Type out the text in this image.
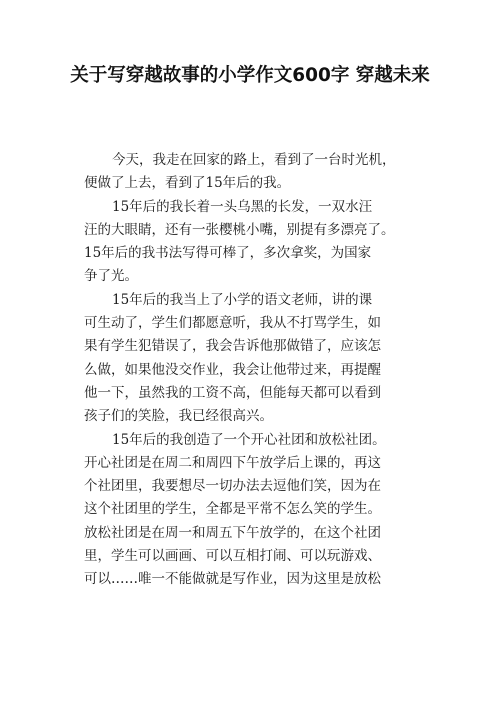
关于写穿越故事的小学作文600字 穿越未来
今天，我走在回家的路上，看到了一台时光机，
便做了上去，看到了15年后的我。
15年后的我长着一头乌黑的长发，一双水汪
汪的大眼睛，还有一张樱桃小嘴，别提有多漂亮了。
15年后的我书法写得可棒了，多次拿奖，为国家
争了光。
15年后的我当上了小学的语文老师，讲的课
可生动了，学生们都愿意听，我从不打骂学生，如
果有学生犯错误了，我会告诉他那做错了，应该怎
么做，如果他没交作业，我会让他带过来，再提醒
他一下，虽然我的工资不高，但能每天都可以看到
孩子们的笑脸，我已经很高兴。
15年后的我创造了一个开心社团和放松社团。
开心社团是在周二和周四下午放学后上课的，再这
个社团里，我要想尽一切办法去逗他们笑，因为在
这个社团里的学生，全都是平常不怎么笑的学生。
放松社团是在周一和周五下午放学的，在这个社团
里，学生可以画画、可以互相打闹、可以玩游戏、
可以……唯一不能做就是写作业，因为这里是放松
